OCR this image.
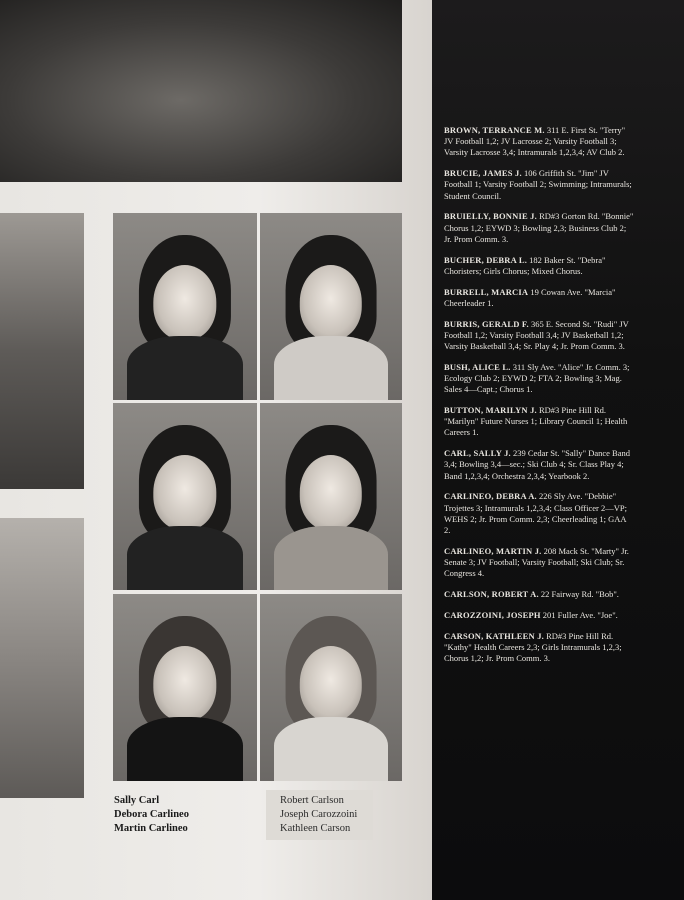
Sally Carl
Debora Carlineo
Martin Carlineo
Robert Carlson
Joseph Carozzoini
Kathleen Carson
BROWN, TERRANCE M. 311 E. First St. "Terry" JV Football 1,2; JV Lacrosse 2; Varsity Football 3; Varsity Lacrosse 3,4; Intramurals 1,2,3,4; AV Club 2.
BRUCIE, JAMES J. 106 Griffith St. "Jim" JV Football 1; Varsity Football 2; Swimming; Intramurals; Student Council.
BRUIELLY, BONNIE J. RD#3 Gorton Rd. "Bonnie" Chorus 1,2; EYWD 3; Bowling 2,3; Business Club 2; Jr. Prom Comm. 3.
BUCHER, DEBRA L. 182 Baker St. "Debra" Choristers; Girls Chorus; Mixed Chorus.
BURRELL, MARCIA 19 Cowan Ave. "Marcia" Cheerleader 1.
BURRIS, GERALD F. 365 E. Second St. "Rudi" JV Football 1,2; Varsity Football 3,4; JV Basketball 1,2; Varsity Basketball 3,4; Sr. Play 4; Jr. Prom Comm. 3.
BUSH, ALICE L. 311 Sly Ave. "Alice" Jr. Comm. 3; Ecology Club 2; EYWD 2; FTA 2; Bowling 3; Mag. Sales 4—Capt.; Chorus 1.
BUTTON, MARILYN J. RD#3 Pine Hill Rd. "Marilyn" Future Nurses 1; Library Council 1; Health Careers 1.
CARL, SALLY J. 239 Cedar St. "Sally" Dance Band 3,4; Bowling 3,4—sec.; Ski Club 4; Sr. Class Play 4; Band 1,2,3,4; Orchestra 2,3,4; Yearbook 2.
CARLINEO, DEBRA A. 226 Sly Ave. "Debbie" Trojettes 3; Intramurals 1,2,3,4; Class Officer 2—VP; WEHS 2; Jr. Prom Comm. 2,3; Cheerleading 1; GAA 2.
CARLINEO, MARTIN J. 208 Mack St. "Marty" Jr. Senate 3; JV Football; Varsity Football; Ski Club; Sr. Congress 4.
CARLSON, ROBERT A. 22 Fairway Rd. "Bob".
CAROZZOINI, JOSEPH 201 Fuller Ave. "Joe".
CARSON, KATHLEEN J. RD#3 Pine Hill Rd. "Kathy" Health Careers 2,3; Girls Intramurals 1,2,3; Chorus 1,2; Jr. Prom Comm. 3.
